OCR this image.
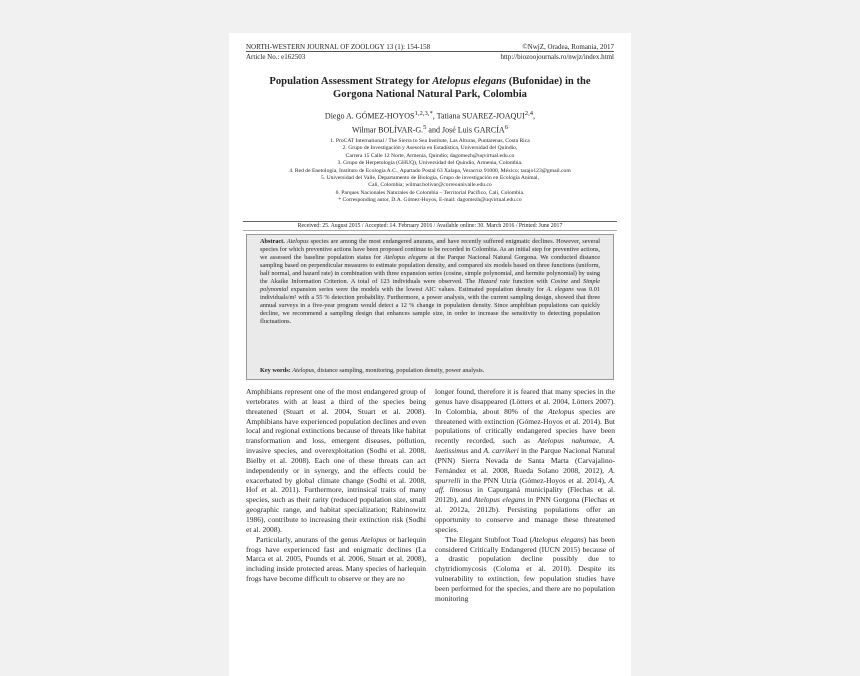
NORTH-WESTERN JOURNAL OF ZOOLOGY 13 (1): 154-158	©NwjZ, Oradea, Romania, 2017
Article No.: e162503	http://biozoojournals.ro/nwjz/index.html
Population Assessment Strategy for Atelopus elegans (Bufonidae) in the
Gorgona National Natural Park, Colombia
Diego A. GÓMEZ-$HOYOS^{1,2,3,*}$, Tatiana SUAREZ-JOAQUI$^{2,4}$,
Wilmar BOLÍVAR-G.$^5$ and José Luis GARCÍA$^6$
1. ProCAT International / The Sierra to Sea Institute, Las Alturas, Puntarenas, Costa Rica
2. Grupo de Investigación y Asesoría en Estadística, Universidad del Quindío,
Carrera 15 Calle 12 Norte, Armenia, Quindío; dagomezh@uqvirtual.edu.co
3. Grupo de Herpetología (GHUQ), Universidad del Quindío, Armenia, Colombia.
4. Red de Enetología, Instituto de Ecología A.C., Apartado Postal 63 Xalapa, Veracruz 91000, México; tarajo123@gmail.com
5. Universidad del Valle, Departamento de Biología, Grupo de investigación en Ecología Animal,
Cali, Colombia; wilmar.bolivar@correounivalle.edu.co
6. Parques Nacionales Naturales de Colombia – Territorial Pacífico, Cali, Colombia.
* Corresponding autor, D.A. Gómez-Hoyos, E-mail: dagomezh@uqvirtual.edu.co
Received: 25. August 2015 / Accepted: 14. February 2016 / Available online: 30. March 2016 / Printed: June 2017

Abstract. Atelopus species are among the most endangered anurans, and have recently suffered enigmatic declines. However, several species for which preventive actions have been proposed continue to be recorded in Colombia. As an initial step for preventive actions, we assessed the baseline population status for Atelopus elegans at the Parque Nacional Natural Gorgona. We conducted distance sampling based on perpendicular measures to estimate population density, and compared six models based on three functions (uniform, half normal, and hazard rate) in combination with three expansion series (cosine, simple polynomial, and hermite polynomial) by using the Akaike Information Criterion. A total of 123 individuals were observed. The Hazard rate function with Cosine and Simple polynomial expansion series were the models with the lowest AIC values. Estimated population density for A. elegans was 0.01 individuals/m² with a 55 % detection probability. Furthermore, a power analysis, with the current sampling design, showed that three annual surveys in a five-year program would detect a 12 % change in population density. Since amphibian populations can quickly decline, we recommend a sampling design that enhances sample size, in order to increase the sensitivity to detecting population fluctuations.

Key words: Atelopus, distance sampling, monitoring, population density, power analysis.

Amphibians represent one of the most endangered group of vertebrates with at least a third of the species being threatened (Stuart et al. 2004, Stuart et al. 2008). Amphibians have experienced population declines and even local and regional extinctions because of threats like habitat transformation and loss, emergent diseases, pollution, invasive species, and overexploitation (Sodhi et al. 2008, Bielby et al. 2008). Each one of these threats can act independently or in synergy, and the effects could be exacerbated by global climate change (Sodhi et al. 2008, Hof et al. 2011). Furthermore, intrinsical traits of many species, such as their rarity (reduced population size, small geographic range, and habitat specialization; Rabinowitz 1986), contribute to increasing their extinction risk (Sodhi et al. 2008).

Particularly, anurans of the genus Atelopus or harlequin frogs have experienced fast and enigmatic declines (La Marca et al. 2005, Pounds et al. 2006, Stuart et al. 2008), including inside protected areas. Many species of harlequin frogs have become difficult to observe or they are no

longer found, therefore it is feared that many species in the genus have disappeared (Lötters et al. 2004, Lötters 2007). In Colombia, about 80% of the Atelopus species are threatened with extinction (Gómez-Hoyos et al. 2014). But populations of critically endangered species have been recently recorded, such as Atelopus nahumae, A. laetissimus and A. carrikeri in the Parque Nacional Natural (PNN) Sierra Nevada de Santa Marta (Carvajalino-Fernández et al. 2008, Rueda Solano 2008, 2012), A. spurrelli in the PNN Utría (Gómez-Hoyos et al. 2014), A. aff. limosus in Capurganá municipality (Flechas et al. 2012b), and Atelopus elegans in PNN Gorgona (Flechas et al. 2012a, 2012b). Persisting populations offer an opportunity to conserve and manage these threatened species.

The Elegant Stubfoot Toad (Atelopus elegans) has been considered Critically Endangered (IUCN 2015) because of a drastic population decline possibly due to chytridiomycosis (Coloma et al. 2010). Despite its vulnerability to extinction, few population studies have been performed for the species, and there are no population monitoring
